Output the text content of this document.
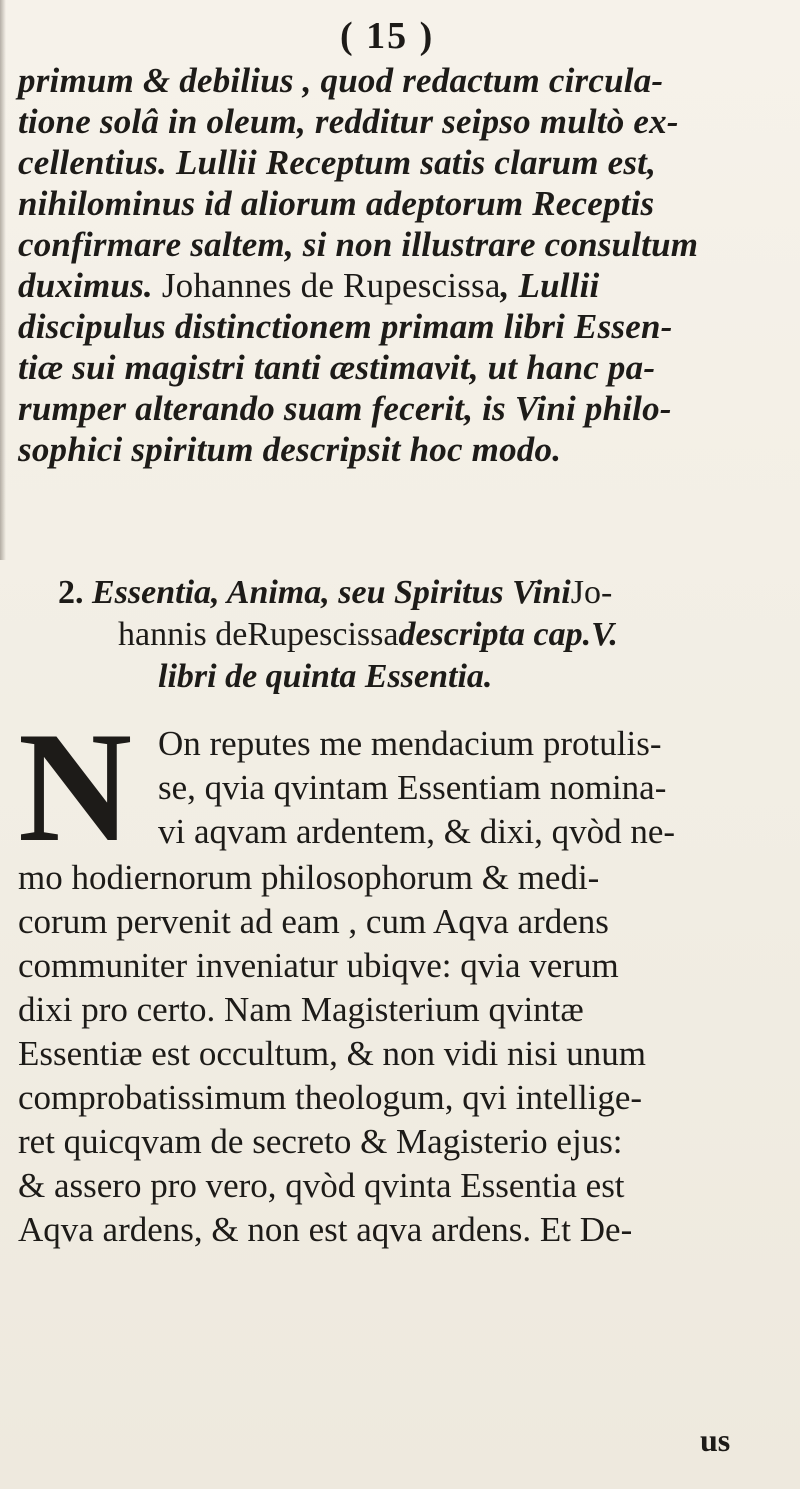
( 15 )
primum & debilius , quod redactum circula-
tione solâ in oleum, redditur seipso multò ex-
cellentius. Lullii Receptum satis clarum est,
nihilominus id aliorum adeptorum Receptis
confirmare saltem, si non illustrare consultum
duximus. Johannes de Rupescissa, Lullii
discipulus distinctionem primam libri Essen-
tiæ sui magistri tanti æstimavit, ut hanc pa-
rumper alterando suam fecerit, is Vini philo-
sophici spiritum descripsit hoc modo.
2. Essentia, Anima, seu Spiritus ViniJo-
hannis deRupescissadescripta cap.V.
libri de quinta Essentia.
N On reputes me mendacium protulis-
se, qvia qvintam Essentiam nomina-
vi aqvam ardentem, & dixi, qvòd ne-
mo hodiernorum philosophorum & medi-
corum pervenit ad eam , cum Aqva ardens
communiter inveniatur ubiqve: qvia verum
dixi pro certo. Nam Magisterium qvintæ
Essentiæ est occultum, & non vidi nisi unum
comprobatissimum theologum, qvi intellige-
ret quicqvam de secreto & Magisterio ejus:
& assero pro vero, qvòd qvinta Essentia est
Aqva ardens, & non est aqva ardens. Et De-
us
